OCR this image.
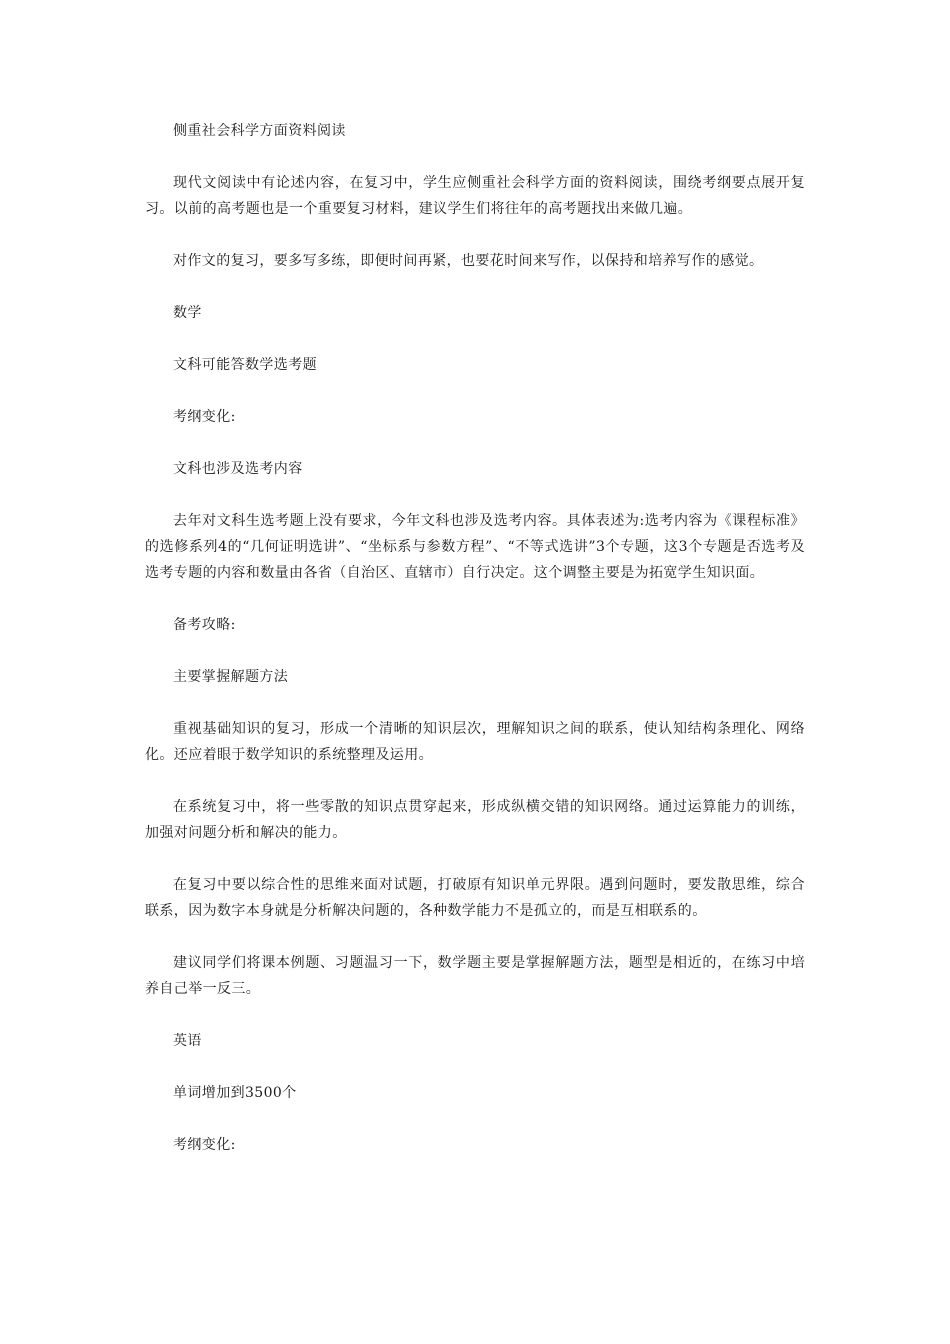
侧重社会科学方面资料阅读

现代文阅读中有论述内容，在复习中，学生应侧重社会科学方面的资料阅读，围绕考纲要点展开复习。以前的高考题也是一个重要复习材料，建议学生们将往年的高考题找出来做几遍。

对作文的复习，要多写多练，即便时间再紧，也要花时间来写作，以保持和培养写作的感觉。

数学

文科可能答数学选考题

考纲变化:

文科也涉及选考内容

去年对文科生选考题上没有要求，今年文科也涉及选考内容。具体表述为:选考内容为《课程标准》的选修系列4的“几何证明选讲”、“坐标系与参数方程”、“不等式选讲”3个专题，这3个专题是否选考及选考专题的内容和数量由各省（自治区、直辖市）自行决定。这个调整主要是为拓宽学生知识面。

备考攻略:

主要掌握解题方法

重视基础知识的复习，形成一个清晰的知识层次，理解知识之间的联系，使认知结构条理化、网络化。还应着眼于数学知识的系统整理及运用。

在系统复习中，将一些零散的知识点贯穿起来，形成纵横交错的知识网络。通过运算能力的训练，加强对问题分析和解决的能力。

在复习中要以综合性的思维来面对试题，打破原有知识单元界限。遇到问题时，要发散思维，综合联系，因为数字本身就是分析解决问题的，各种数学能力不是孤立的，而是互相联系的。

建议同学们将课本例题、习题温习一下，数学题主要是掌握解题方法，题型是相近的，在练习中培养自己举一反三。

英语

单词增加到3500个

考纲变化:
